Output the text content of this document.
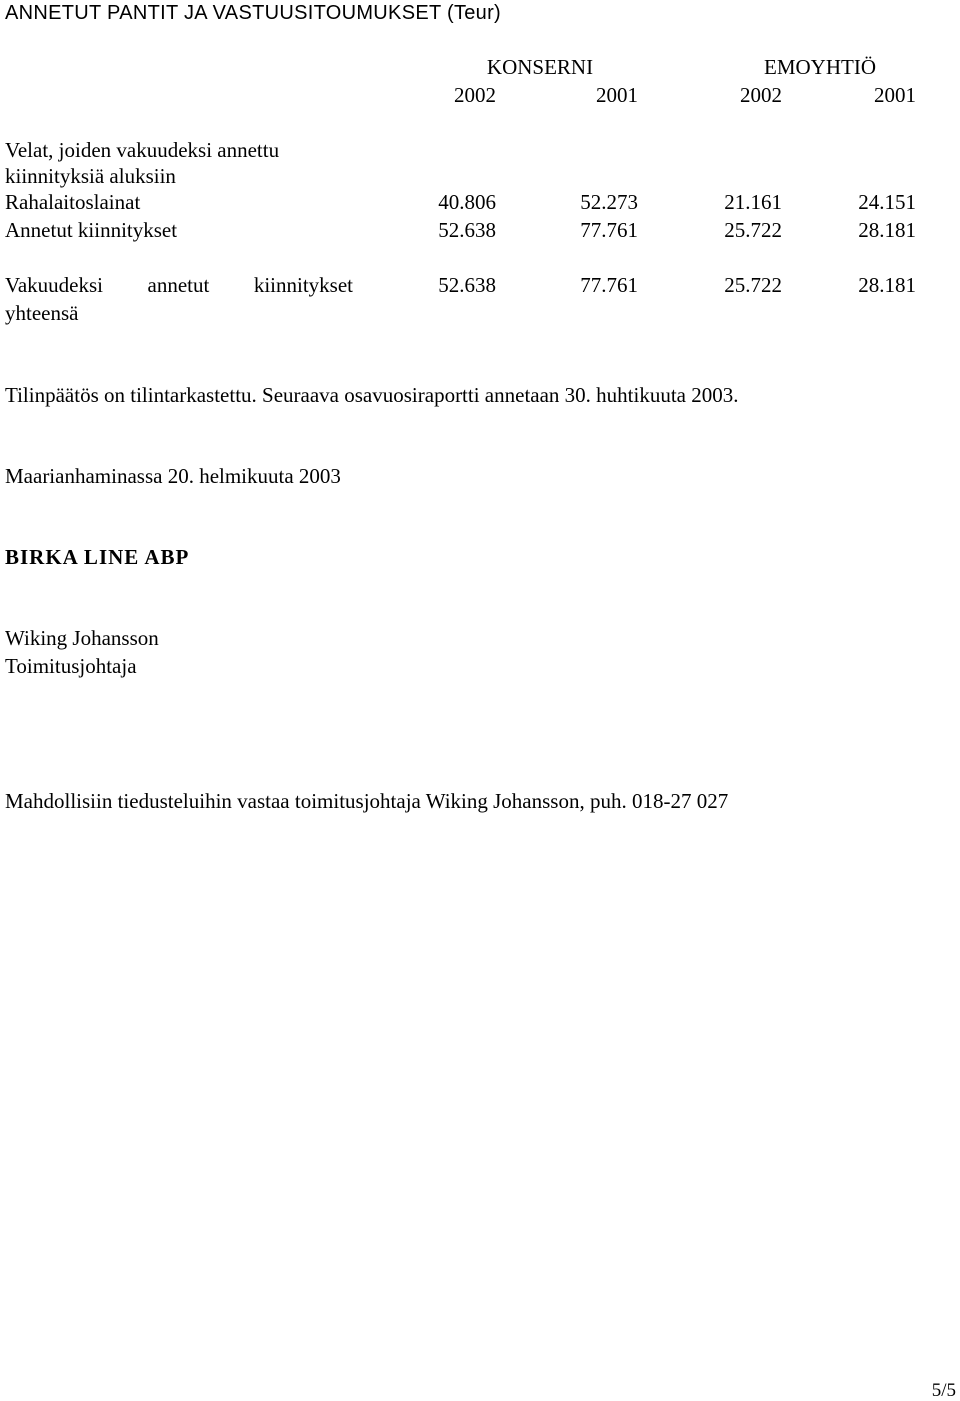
ANNETUT PANTIT JA VASTUUSITOUMUKSET (Teur)
KONSERNI	EMOYHTIÖ
2002	2001	2002	2001
Velat, joiden vakuudeksi annettu
kiinnityksiä aluksiin
Rahalaitoslainat	40.806	52.273	21.161	24.151
Annetut kiinnitykset	52.638	77.761	25.722	28.181
Vakuudeksi annetut kiinnitykset
yhteensä
52.638	77.761	25.722	28.181
Tilinpäätös on tilintarkastettu. Seuraava osavuosiraportti annetaan 30. huhtikuuta 2003.
Maarianhaminassa 20. helmikuuta 2003
BIRKA LINE ABP
Wiking Johansson
Toimitusjohtaja
Mahdollisiin tiedusteluihin vastaa toimitusjohtaja Wiking Johansson, puh. 018-27 027
5/5
